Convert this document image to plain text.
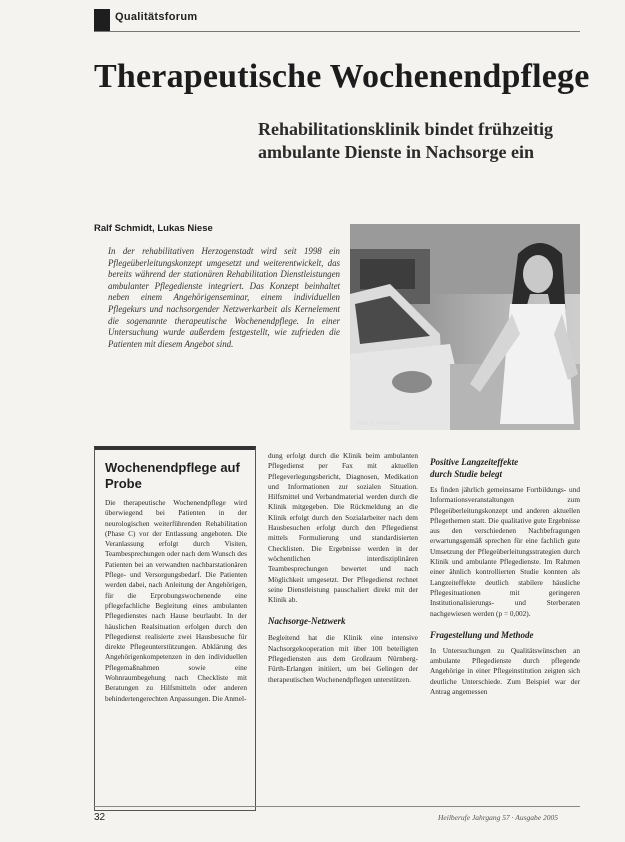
Qualitätsforum
Therapeutische Wochenendpflege
Rehabilitationsklinik bindet frühzeitig
ambulante Dienste in Nachsorge ein
Ralf Schmidt, Lukas Niese
In der rehabilitativen Herzogenstadt wird seit 1998 ein Pflegeüberleitungskonzept umgesetzt und weiterentwickelt, das bereits während der stationären Rehabilitation Dienstleistungen ambulanter Pflegedienste integriert. Das Konzept beinhaltet neben einem Angehörigenseminar, einem individuellen Pflegekurs und nachsorgender Netzwerkarbeit als Kernelement die sogenannte therapeutische Wochenendpflege. In einer Untersuchung wurde außerdem festgestellt, wie zufrieden die Patienten mit diesem Angebot sind.
Foto: B. Pennifold
Wochenendpflege auf Probe
Die therapeutische Wochenendpflege wird überwiegend bei Patienten in der neurologischen weiterführenden Rehabilitation (Phase C) vor der Entlassung angeboten. Die Veranlassung erfolgt durch Visiten, Teambesprechungen oder nach dem Wunsch des Patienten bei an verwandten nachbarstationären Pflege- und Versorgungsbedarf. Die Patienten werden dabei, nach Anleitung der Angehörigen, für die Erprobungswochenende eine pflegefachliche Begleitung eines ambulanten Pflegedienstes nach Hause beurlaubt. In der häuslichen Realsituation erfolgen durch den Pflegedienst realisierte zwei Hausbesuche für direkte Pflegeunterstützungen. Abklärung des Angehörigenkompetenzen in den individuellen Pflegemaßnahmen sowie eine Wohnraumbegehung nach Checkliste mit Beratungen zu Hilfsmitteln oder anderen behindertengerechten Anpassungen. Die Anmel-

dung erfolgt durch die Klinik beim ambulanten Pflegedienst per Fax mit aktuellen Pflegeverlegungsbericht, Diagnosen, Medikation und Informationen zur sozialen Situation. Hilfsmittel und Verbandmaterial werden durch die Klinik mitgegeben. Die Rückmeldung an die Klinik erfolgt durch den Sozialarbeiter nach dem Hausbesuchen erfolgt durch den Pflegedienst mittels Formulierung und standardisierten Checklisten. Die Ergebnisse werden in der wöchentlichen interdisziplinären Teambesprechungen bewertet und nach Möglichkeit umgesetzt. Der Pflegedienst rechnet seine Dienstleistung pauschaliert direkt mit der Klinik ab.

Nachsorge-Netzwerk

Begleitend hat die Klinik eine intensive Nachsorgekooperation mit über 100 beteiligten Pflegediensten aus dem Großraum Nürnberg-Fürth-Erlangen initiiert, um bei Gelingen der therapeutischen Wochenendpflegen unterstützen.

Positive Langzeiteffekte

durch Studie belegt

Es finden jährlich gemeinsame Fortbildungs- und Informationsveranstaltungen zum Pflegeüberleitungskonzept und anderen aktuellen Pflegethemen statt. Die qualitative gute Ergebnisse aus den verschiedenen Nachbefragungen erwartungsgemäß sprechen für eine fachlich gute Umsetzung der Pflegeüberleitungsstrategien durch Klinik und ambulante Pflegedienste. Im Rahmen einer ähnlich kontrollierten Studie konnten als Langzeiteffekte deutlich stabilere häusliche Pflegesituationen mit geringeren Institutionalisierungs- und Sterberaten nachgewiesen werden (p = 0,002).

Fragestellung und Methode

In Untersuchungen zu Qualitätswünschen an ambulante Pflegedienste durch pflegende Angehörige in einer Pflegeinstitution zeigten sich deutliche Unterschiede. Zum Beispiel war der Antrag angemessen

32	Heilberufe Jahrgang 57 · Ausgabe 2005
